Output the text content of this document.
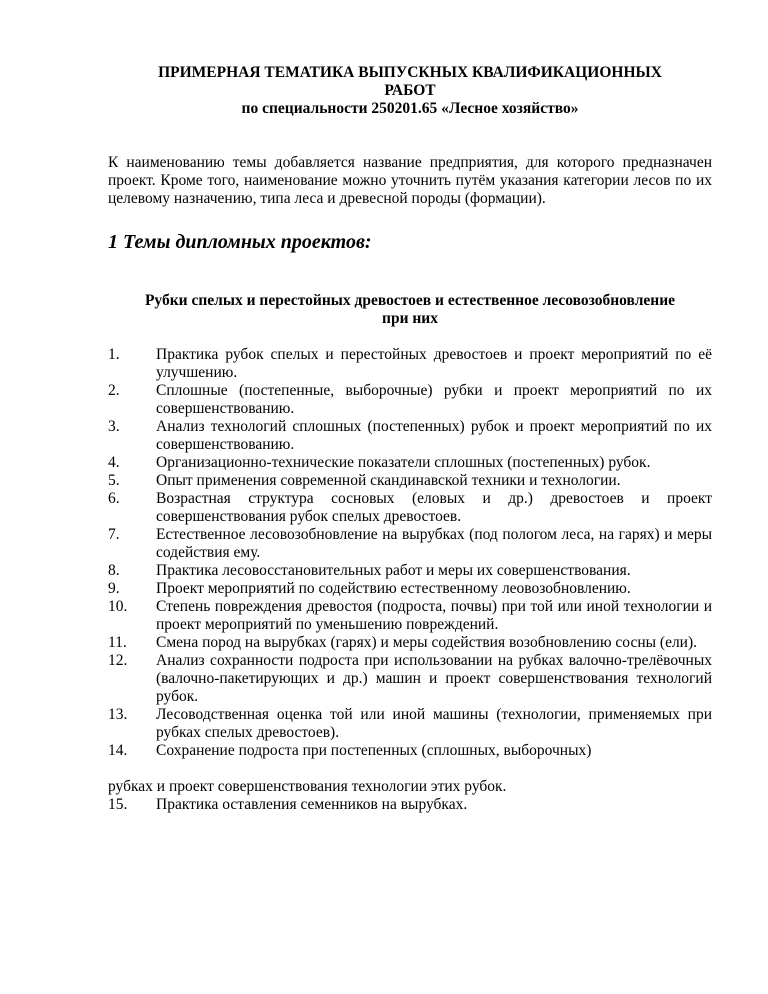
ПРИМЕРНАЯ ТЕМАТИКА ВЫПУСКНЫХ КВАЛИФИКАЦИОННЫХ
РАБОТ
по специальности 250201.65 «Лесное хозяйство»
К наименованию темы добавляется название предприятия, для которого предназначен проект. Кроме того, наименование можно уточнить путём указания категории лесов по их целевому назначению, типа леса и древесной породы (формации).
1 Темы дипломных проектов:
Рубки спелых и перестойных древостоев и естественное лесовозобновление при них
1.	Практика рубок спелых и перестойных древостоев и проект мероприятий по её улучшению.
2.	Сплошные (постепенные, выборочные) рубки и проект мероприятий по их совершенствованию.
3.	Анализ технологий сплошных (постепенных) рубок и проект мероприятий по их совершенствованию.
4.	Организационно-технические показатели сплошных (постепенных) рубок.
5.	Опыт применения современной скандинавской техники и технологии.
6.	Возрастная структура сосновых (еловых и др.) древостоев и проект совершенствования рубок спелых древостоев.
7.	Естественное лесовозобновление на вырубках (под пологом леса, на гарях) и меры содействия ему.
8.	Практика лесовосстановительных работ и меры их совершенствования.
9.	Проект мероприятий по содействию естественному леовозобновлению.
10.	Степень повреждения древостоя (подроста, почвы) при той или иной технологии и проект мероприятий по уменьшению повреждений.
11.	Смена пород на вырубках (гарях) и меры содействия возобновлению сосны (ели).
12.	Анализ сохранности подроста при использовании на рубках валочно-трелёвочных (валочно-пакетирующих и др.) машин и проект совершенствования технологий рубок.
13.	Лесоводственная оценка той или иной машины (технологии, применяемых при рубках спелых древостоев).
14.	Сохранение подроста при постепенных (сплошных, выборочных)
рубках и проект совершенствования технологии этих рубок.
15.	Практика оставления семенников на вырубках.
